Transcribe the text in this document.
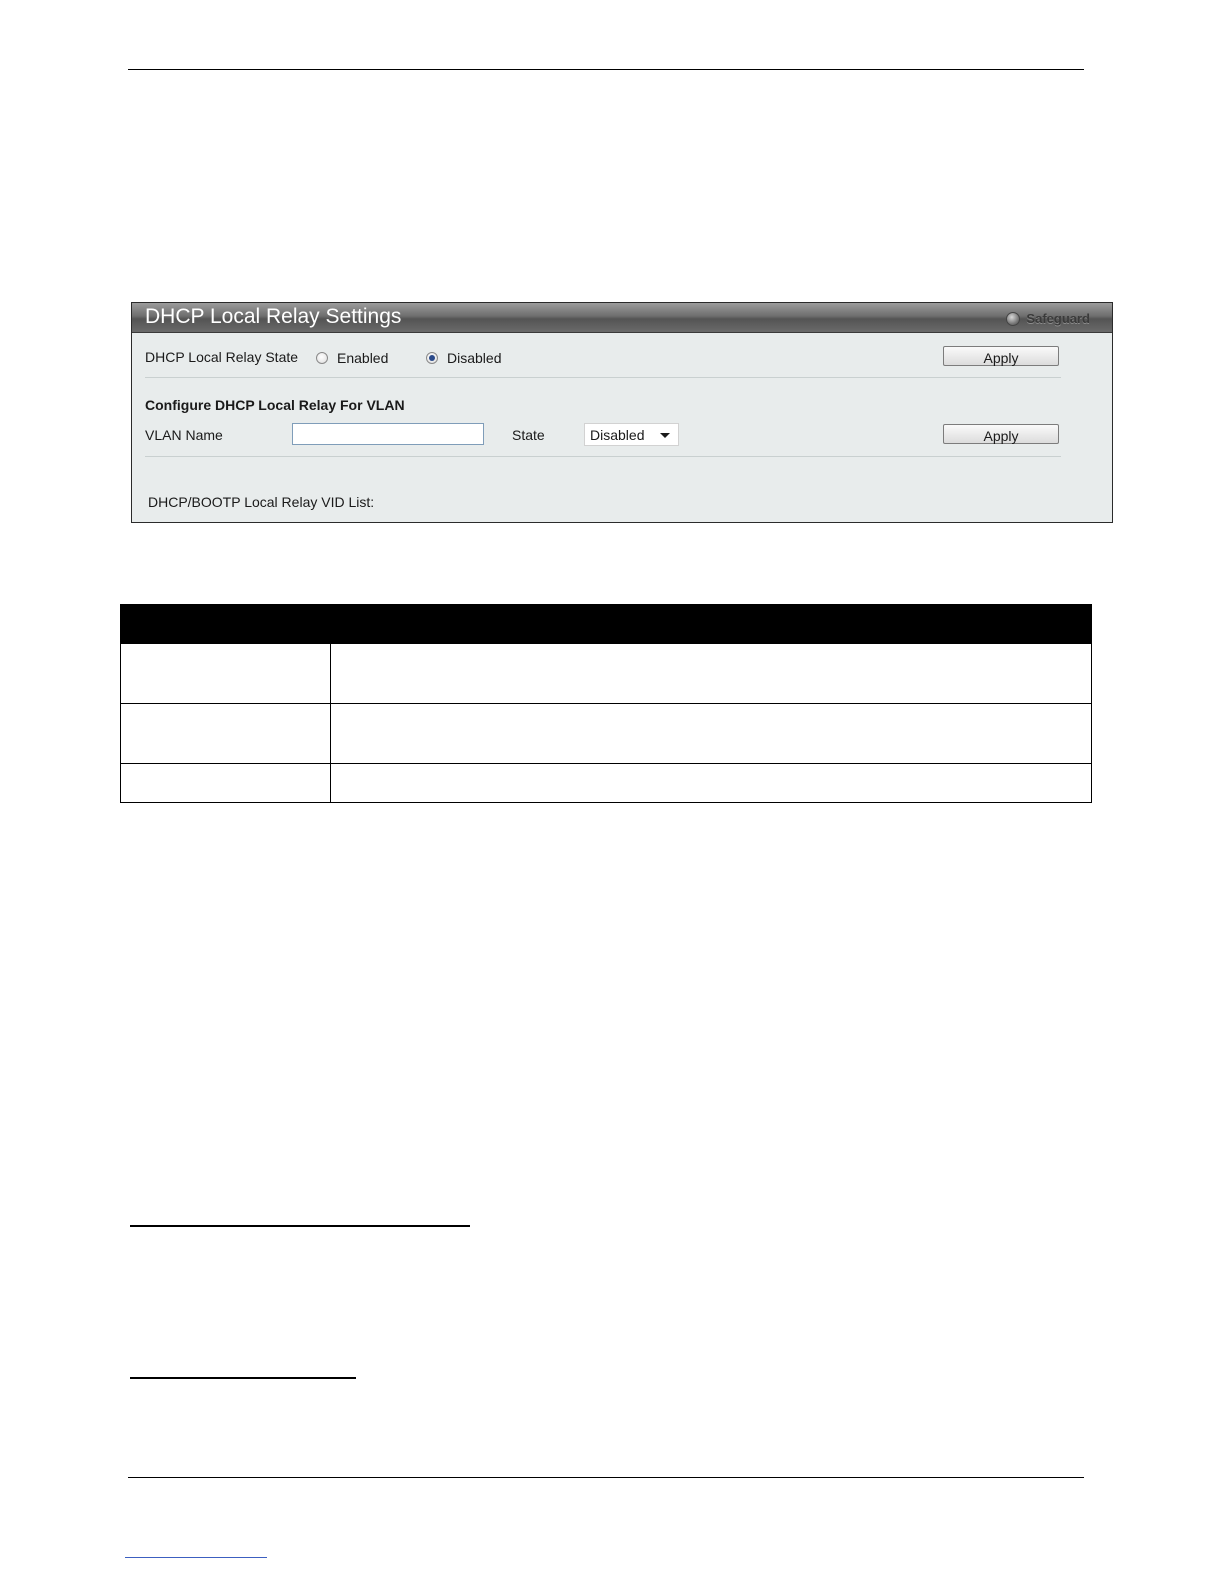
DHCP Local Relay Settings	Safeguard
DHCP Local Relay State	Enabled	Disabled	Apply
Configure DHCP Local Relay For VLAN
VLAN Name	State	Disabled	Apply
DHCP/BOOTP Local Relay VID List:
